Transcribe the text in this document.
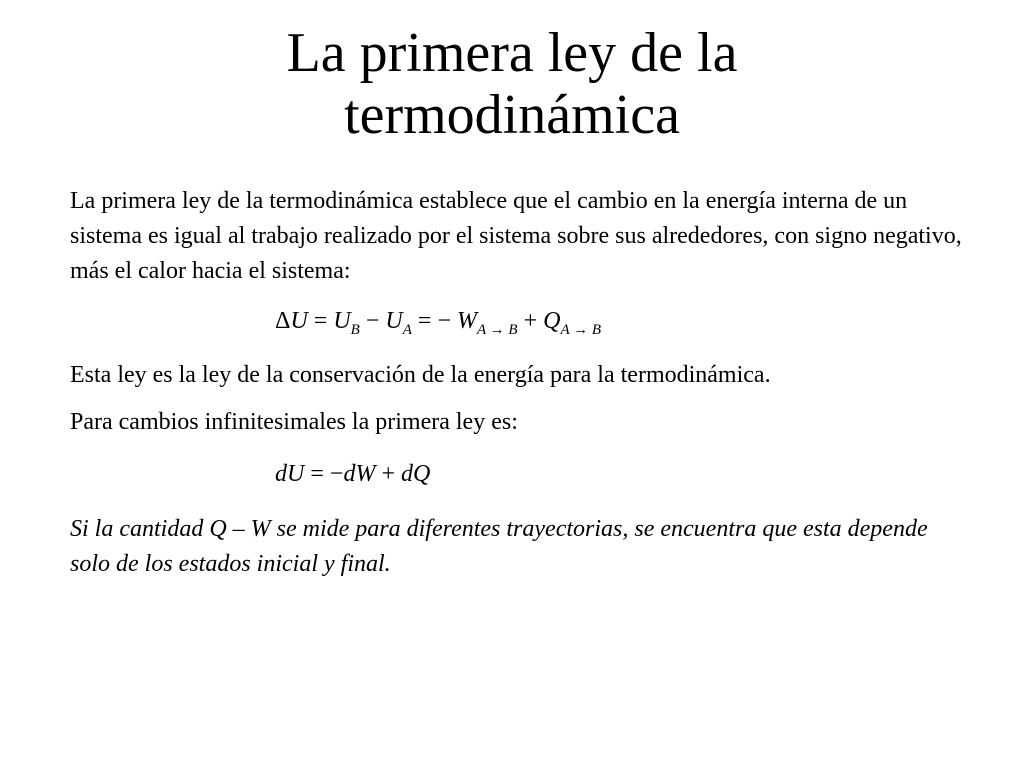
La primera ley de la
termodinámica

La primera ley de la termodinámica establece que el cambio en la energía interna de un sistema es igual al trabajo realizado por el sistema sobre sus alrededores, con signo negativo, más el calor hacia el sistema:

$\Delta U = U_B - U_A$ = − $W_{A \to B} + Q_{A \to B}$

Esta ley es la ley de la conservación de la energía para la termodinámica.

Para cambios infinitesimales la primera ley es:

dU = −dW + dQ

Si la cantidad Q – W se mide para diferentes trayectorias, se encuentra que esta depende solo de los estados inicial y final.
